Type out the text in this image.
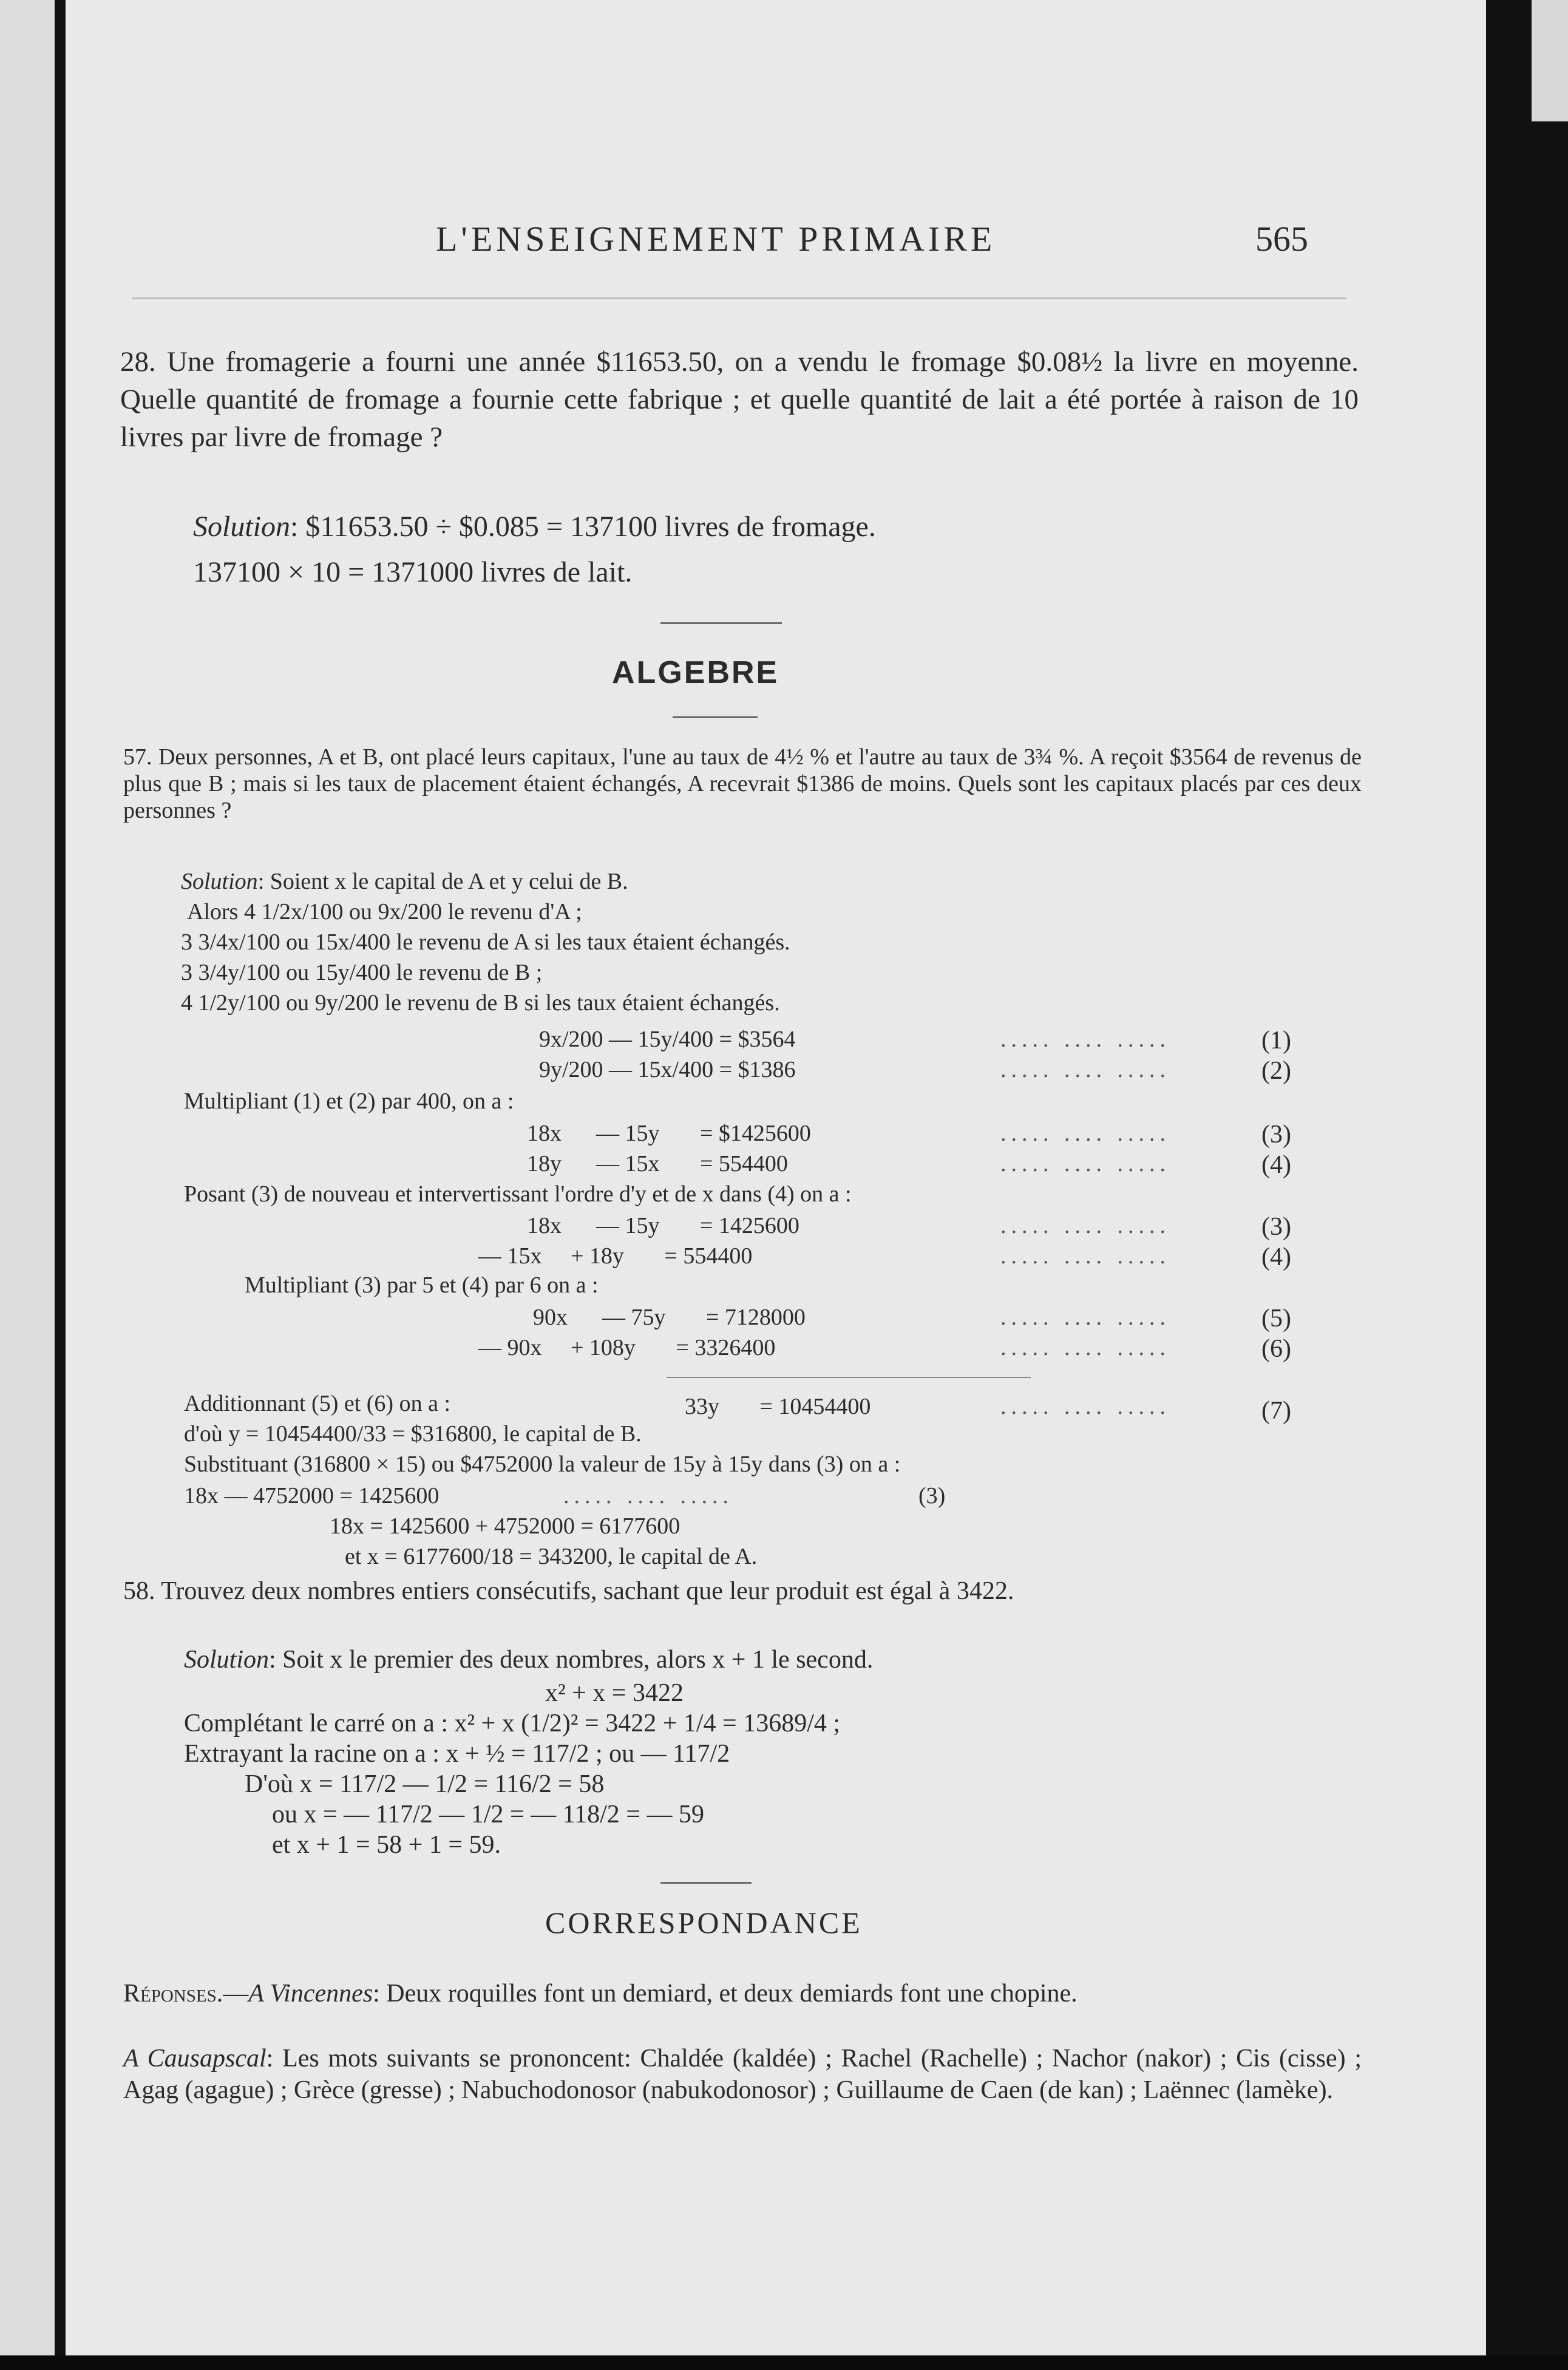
L'ENSEIGNEMENT PRIMAIRE	565
28. Une fromagerie a fourni une année $11653.50, on a vendu le fromage $0.08½ la livre en moyenne. Quelle quantité de fromage a fournie cette fabrique ; et quelle quantité de lait a été portée à raison de 10 livres par livre de fromage ?
Solution: $11653.50 ÷ $0.085 = 137100 livres de fromage.
137100 × 10 = 1371000 livres de lait.
ALGEBRE
57. Deux personnes, A et B, ont placé leurs capitaux, l'une au taux de 4½ % et l'autre au taux de 3¾ %. A reçoit $3564 de revenus de plus que B ; mais si les taux de placement étaient échangés, A recevrait $1386 de moins. Quels sont les capitaux placés par ces deux personnes ?
Solution: Soient x le capital de A et y celui de B.
Alors 4 1/2x/100 ou 9x/200 le revenu d'A ;
3 3/4x/100 ou 15x/400 le revenu de A si les taux étaient échangés.
3 3/4y/100 ou 15y/400 le revenu de B ;
4 1/2y/100 ou 9y/200 le revenu de B si les taux étaient échangés.
9x/200 — 15y/400 = $3564	..... .... .....	(1)
9y/200 — 15x/400 = $1386	..... .... .....	(2)
Multipliant (1) et (2) par 400, on a :
18x      — 15y       = $1425600	..... .... .....	(3)
18y      — 15x       = 554400	..... .... .....	(4)
Posant (3) de nouveau et intervertissant l'ordre d'y et de x dans (4) on a :
18x      — 15y       = 1425600	..... .... .....	(3)
— 15x     + 18y       = 554400	..... .... .....	(4)
Multipliant (3) par 5 et (4) par 6 on a :
90x      — 75y       = 7128000	..... .... .....	(5)
— 90x     + 108y       = 3326400	..... .... .....	(6)
Additionnant (5) et (6) on a :	33y       = 10454400	..... .... .....	(7)
d'où y = 10454400/33 = $316800, le capital de B.
Substituant (316800 × 15) ou $4752000 la valeur de 15y à 15y dans (3) on a :
18x — 4752000 = 1425600	..... .... .....	(3)
18x = 1425600 + 4752000 = 6177600
et x = 6177600/18 = 343200, le capital de A.
58. Trouvez deux nombres entiers consécutifs, sachant que leur produit est égal à 3422.
Solution: Soit x le premier des deux nombres, alors x + 1 le second.
x² + x = 3422
Complétant le carré on a : x² + x (1/2)² = 3422 + 1/4 = 13689/4 ;
Extrayant la racine on a : x + ½ = 117/2 ; ou — 117/2
D'où x = 117/2 — 1/2 = 116/2 = 58
ou x = — 117/2 — 1/2 = — 118/2 = — 59
et x + 1 = 58 + 1 = 59.
CORRESPONDANCE
Réponses.—A Vincennes: Deux roquilles font un demiard, et deux demiards font une chopine.
A Causapscal: Les mots suivants se prononcent: Chaldée (kaldée) ; Rachel (Rachelle) ; Nachor (nakor) ; Cis (cisse) ; Agag (agague) ; Grèce (gresse) ; Nabuchodonosor (nabukodonosor) ; Guillaume de Caen (de kan) ; Laënnec (lamèke).
